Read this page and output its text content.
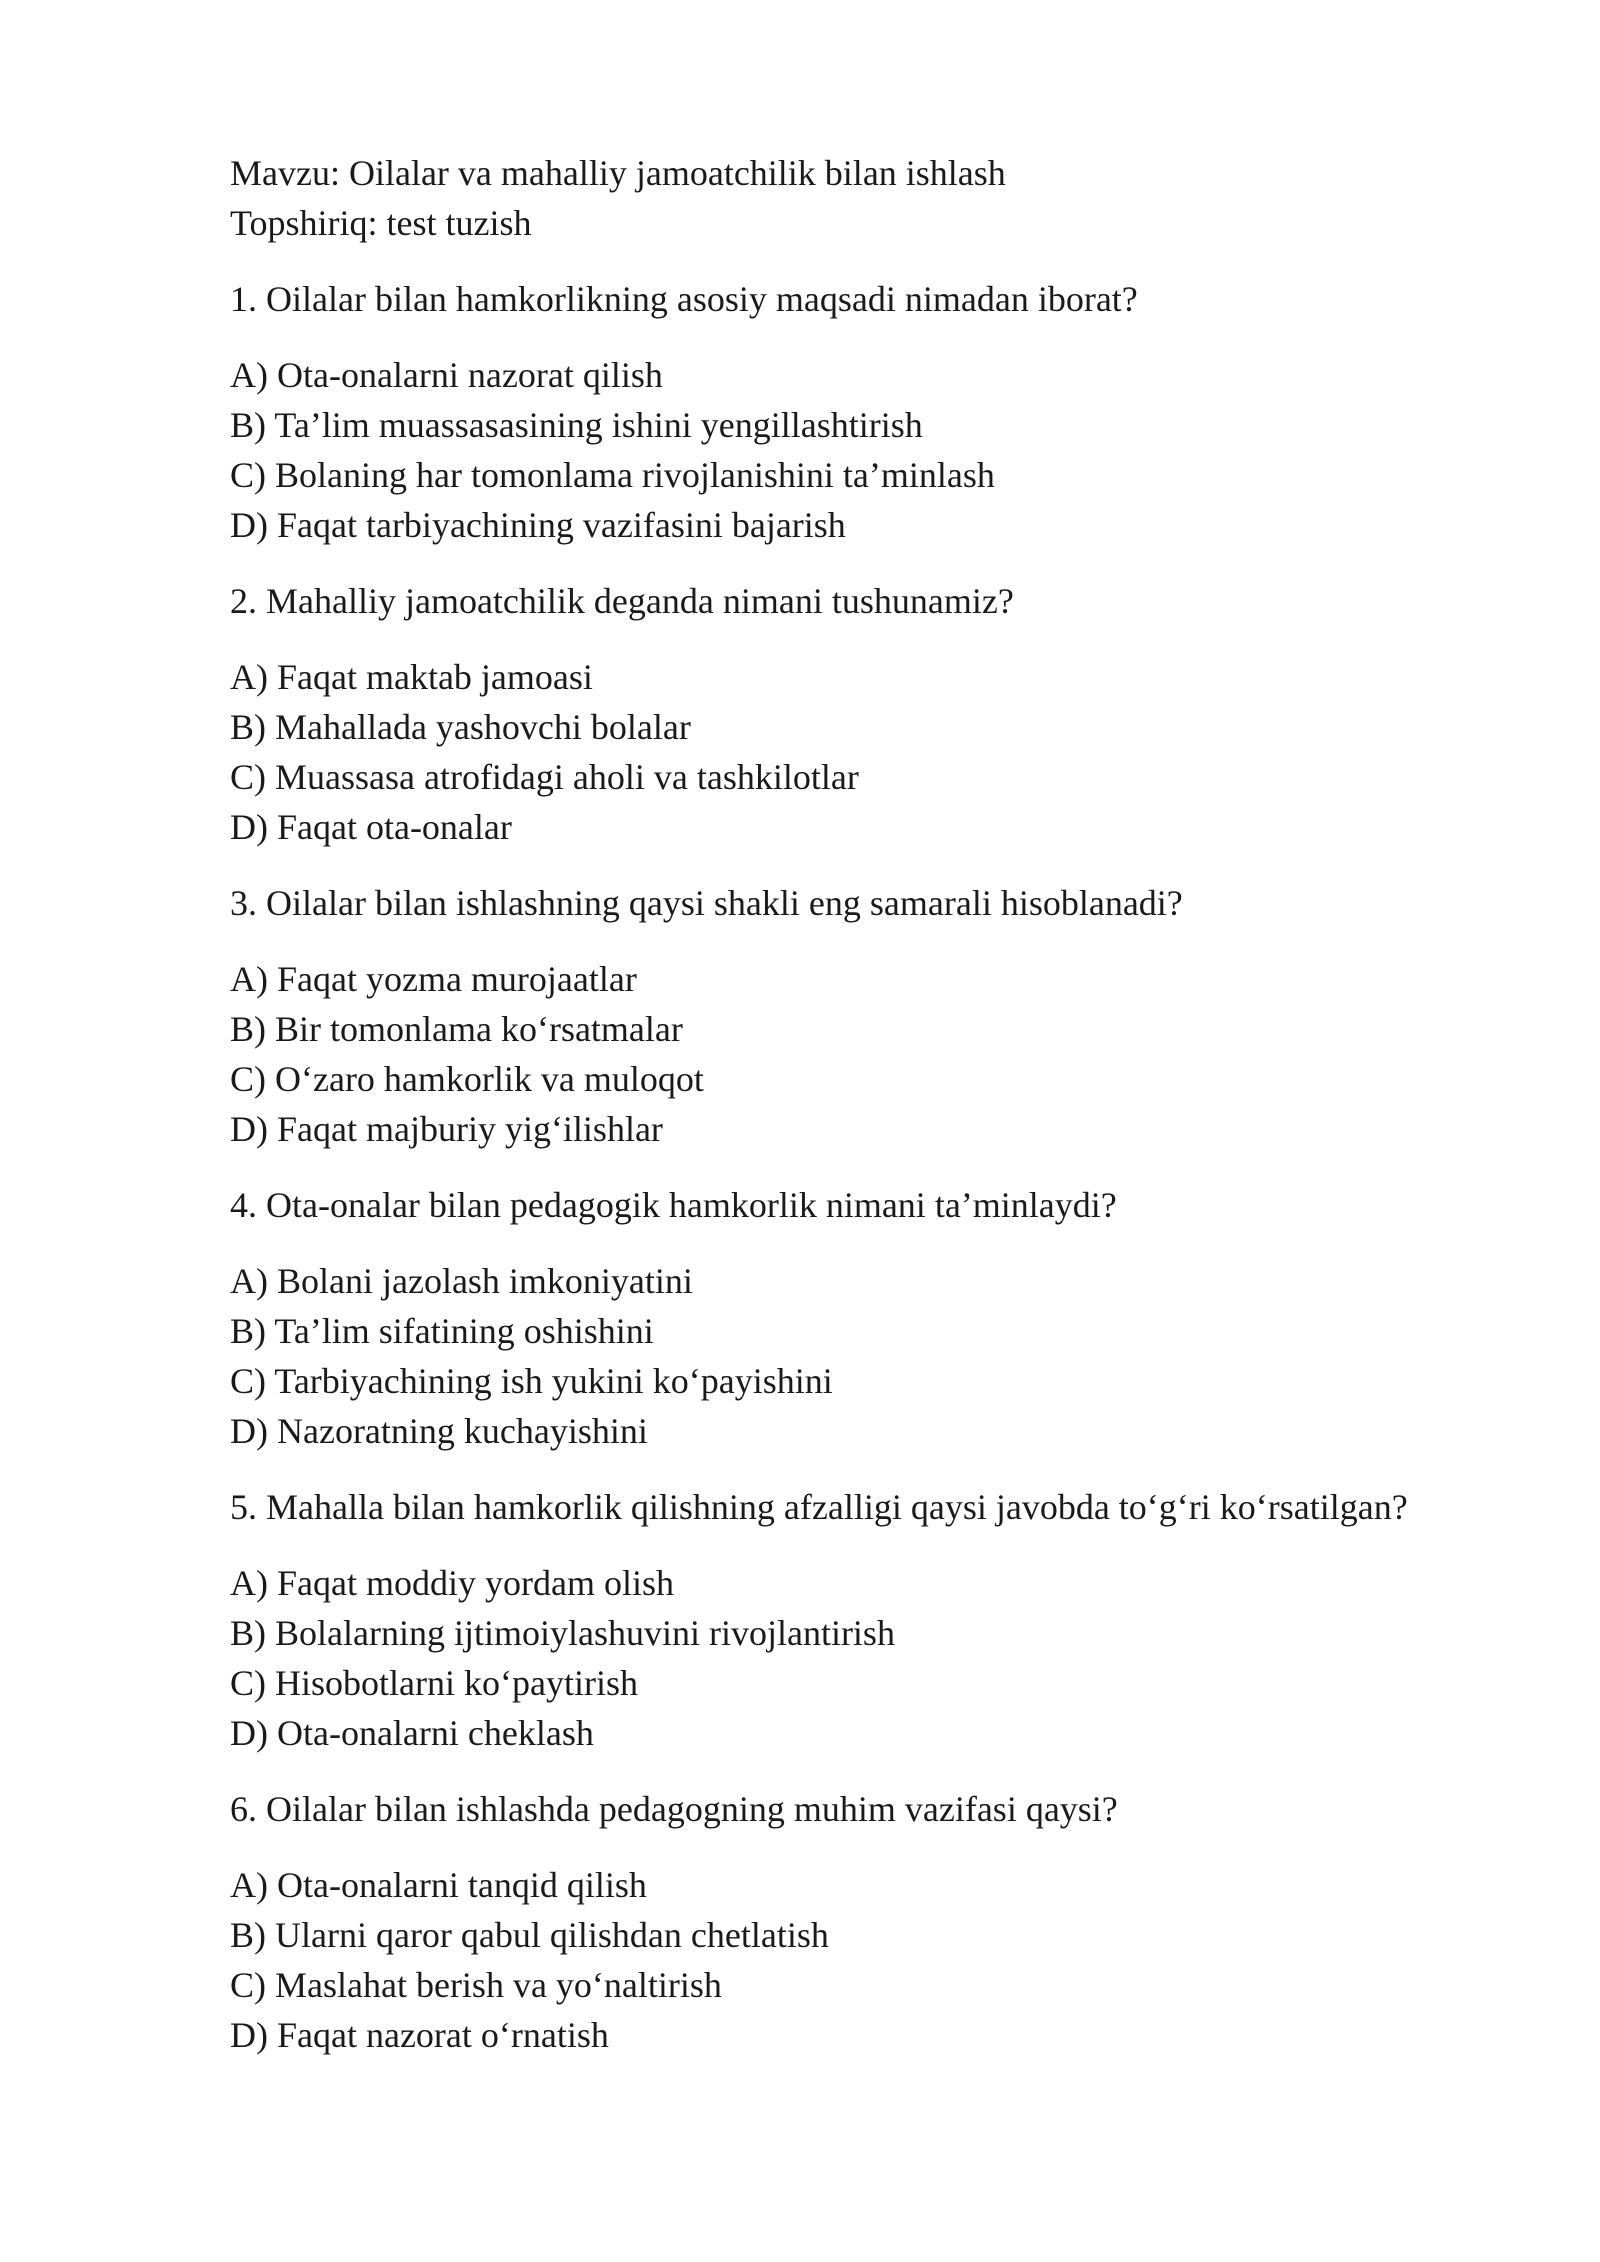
Mavzu: Oilalar va mahalliy jamoatchilik bilan ishlash

Topshiriq: test tuzish

1. Oilalar bilan hamkorlikning asosiy maqsadi nimadan iborat?

A) Ota-onalarni nazorat qilish
B) Ta’lim muassasasining ishini yengillashtirish
C) Bolaning har tomonlama rivojlanishini ta’minlash
D) Faqat tarbiyachining vazifasini bajarish

2. Mahalliy jamoatchilik deganda nimani tushunamiz?

A) Faqat maktab jamoasi
B) Mahallada yashovchi bolalar
C) Muassasa atrofidagi aholi va tashkilotlar
D) Faqat ota-onalar

3. Oilalar bilan ishlashning qaysi shakli eng samarali hisoblanadi?

A) Faqat yozma murojaatlar
B) Bir tomonlama ko‘rsatmalar
C) O‘zaro hamkorlik va muloqot
D) Faqat majburiy yig‘ilishlar

4. Ota-onalar bilan pedagogik hamkorlik nimani ta’minlaydi?

A) Bolani jazolash imkoniyatini
B) Ta’lim sifatining oshishini
C) Tarbiyachining ish yukini ko‘payishini
D) Nazoratning kuchayishini

5. Mahalla bilan hamkorlik qilishning afzalligi qaysi javobda to‘g‘ri ko‘rsatilgan?

A) Faqat moddiy yordam olish
B) Bolalarning ijtimoiylashuvini rivojlantirish
C) Hisobotlarni ko‘paytirish
D) Ota-onalarni cheklash

6. Oilalar bilan ishlashda pedagogning muhim vazifasi qaysi?

A) Ota-onalarni tanqid qilish
B) Ularni qaror qabul qilishdan chetlatish
C) Maslahat berish va yo‘naltirish
D) Faqat nazorat o‘rnatish
